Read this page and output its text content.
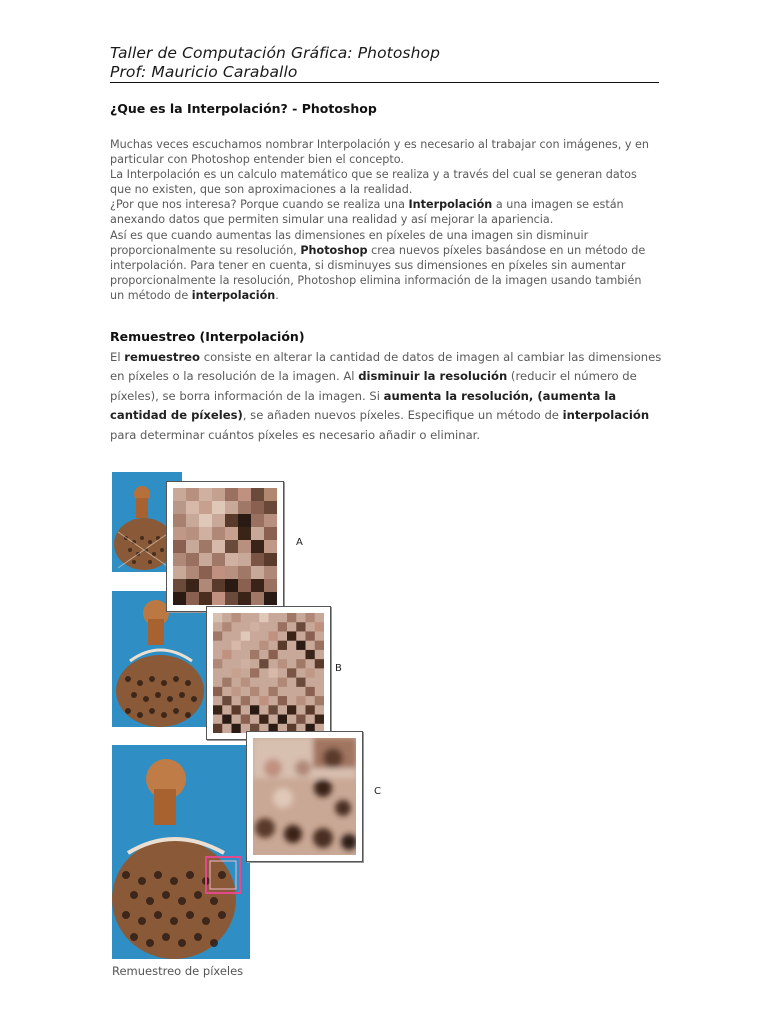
Taller de Computación Gráfica: Photoshop
Prof: Mauricio Caraballo
¿Que es la Interpolación? - Photoshop

Muchas veces escuchamos nombrar Interpolación y es necesario al trabajar con imágenes, y en particular con Photoshop entender bien el concepto.

La Interpolación es un calculo matemático que se realiza y a través del cual se generan datos que no existen, que son aproximaciones a la realidad.

¿Por que nos interesa? Porque cuando se realiza una Interpolación a una imagen se están anexando datos que permiten simular una realidad y así mejorar la apariencia.

Así es que cuando aumentas las dimensiones en píxeles de una imagen sin disminuir proporcionalmente su resolución, Photoshop crea nuevos píxeles basándose en un método de interpolación. Para tener en cuenta, si disminuyes sus dimensiones en píxeles sin aumentar proporcionalmente la resolución, Photoshop elimina información de la imagen usando también un método de interpolación.

Remuestreo (Interpolación)

El remuestreo consiste en alterar la cantidad de datos de imagen al cambiar las dimensiones en píxeles o la resolución de la imagen. Al disminuir la resolución (reducir el número de píxeles), se borra información de la imagen. Si aumenta la resolución, (aumenta la cantidad de píxeles), se añaden nuevos píxeles. Especifique un método de interpolación para determinar cuántos píxeles es necesario añadir o eliminar.

A
B
C
Remuestreo de píxeles
